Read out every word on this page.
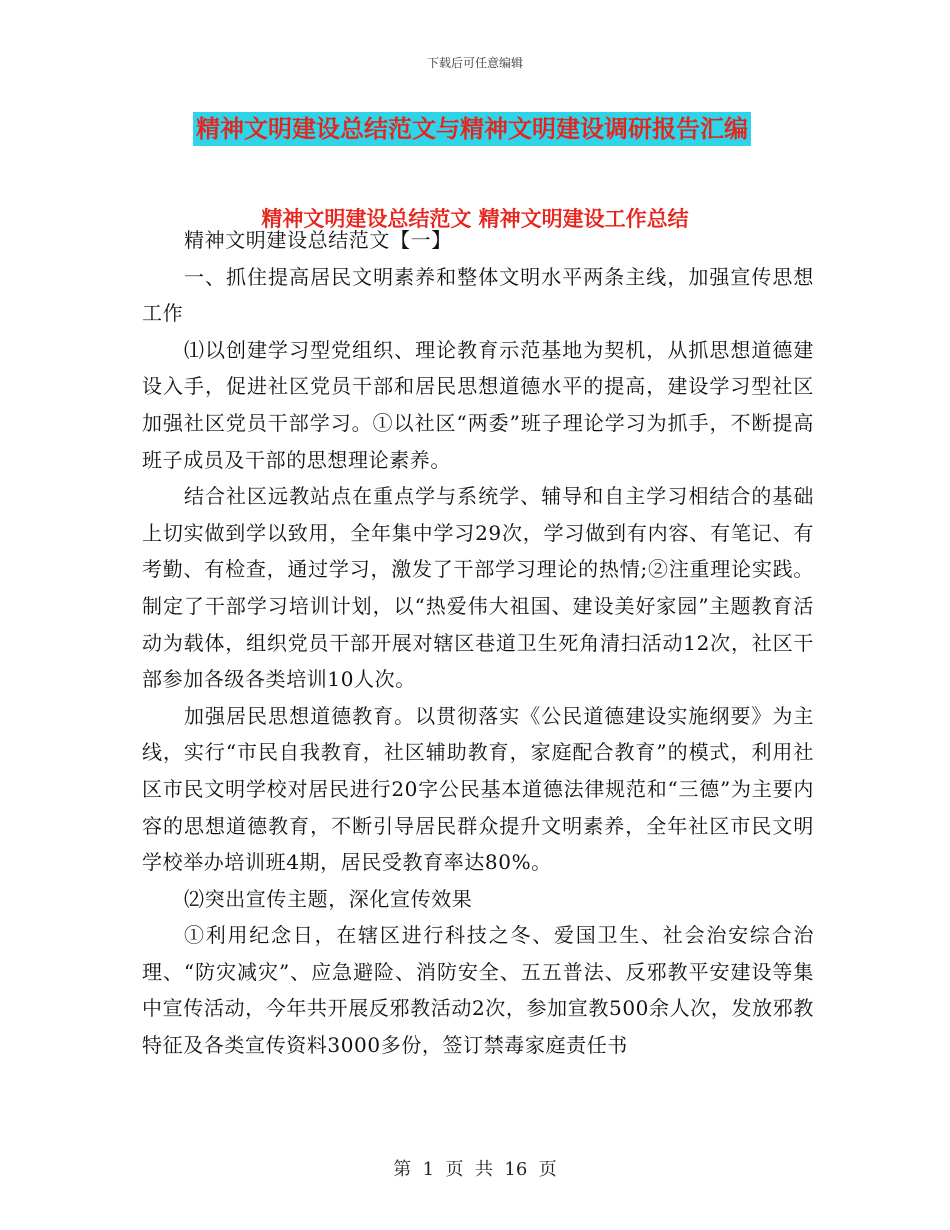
下载后可任意编辑
精神文明建设总结范文与精神文明建设调研报告汇编
精神文明建设总结范文 精神文明建设工作总结

精神文明建设总结范文【一】

一、抓住提高居民文明素养和整体文明水平两条主线，加强宣传思想工作

⑴以创建学习型党组织、理论教育示范基地为契机，从抓思想道德建设入手，促进社区党员干部和居民思想道德水平的提高，建设学习型社区 加强社区党员干部学习。①以社区“两委”班子理论学习为抓手，不断提高班子成员及干部的思想理论素养。

结合社区远教站点在重点学与系统学、辅导和自主学习相结合的基础上切实做到学以致用，全年集中学习29次，学习做到有内容、有笔记、有考勤、有检查，通过学习，激发了干部学习理论的热情;②注重理论实践。制定了干部学习培训计划，以“热爱伟大祖国、建设美好家园”主题教育活动为载体，组织党员干部开展对辖区巷道卫生死角清扫活动12次，社区干部参加各级各类培训10人次。

加强居民思想道德教育。以贯彻落实《公民道德建设实施纲要》为主线，实行“市民自我教育，社区辅助教育，家庭配合教育”的模式，利用社区市民文明学校对居民进行20字公民基本道德法律规范和“三德”为主要内容的思想道德教育，不断引导居民群众提升文明素养，全年社区市民文明学校举办培训班4期，居民受教育率达80%。

⑵突出宣传主题，深化宣传效果

①利用纪念日，在辖区进行科技之冬、爱国卫生、社会治安综合治理、“防灾减灾”、应急避险、消防安全、五五普法、反邪教平安建设等集中宣传活动，今年共开展反邪教活动2次，参加宣教500余人次，发放邪教特征及各类宣传资料3000多份，签订禁毒家庭责任书

第  1  页  共  16  页
